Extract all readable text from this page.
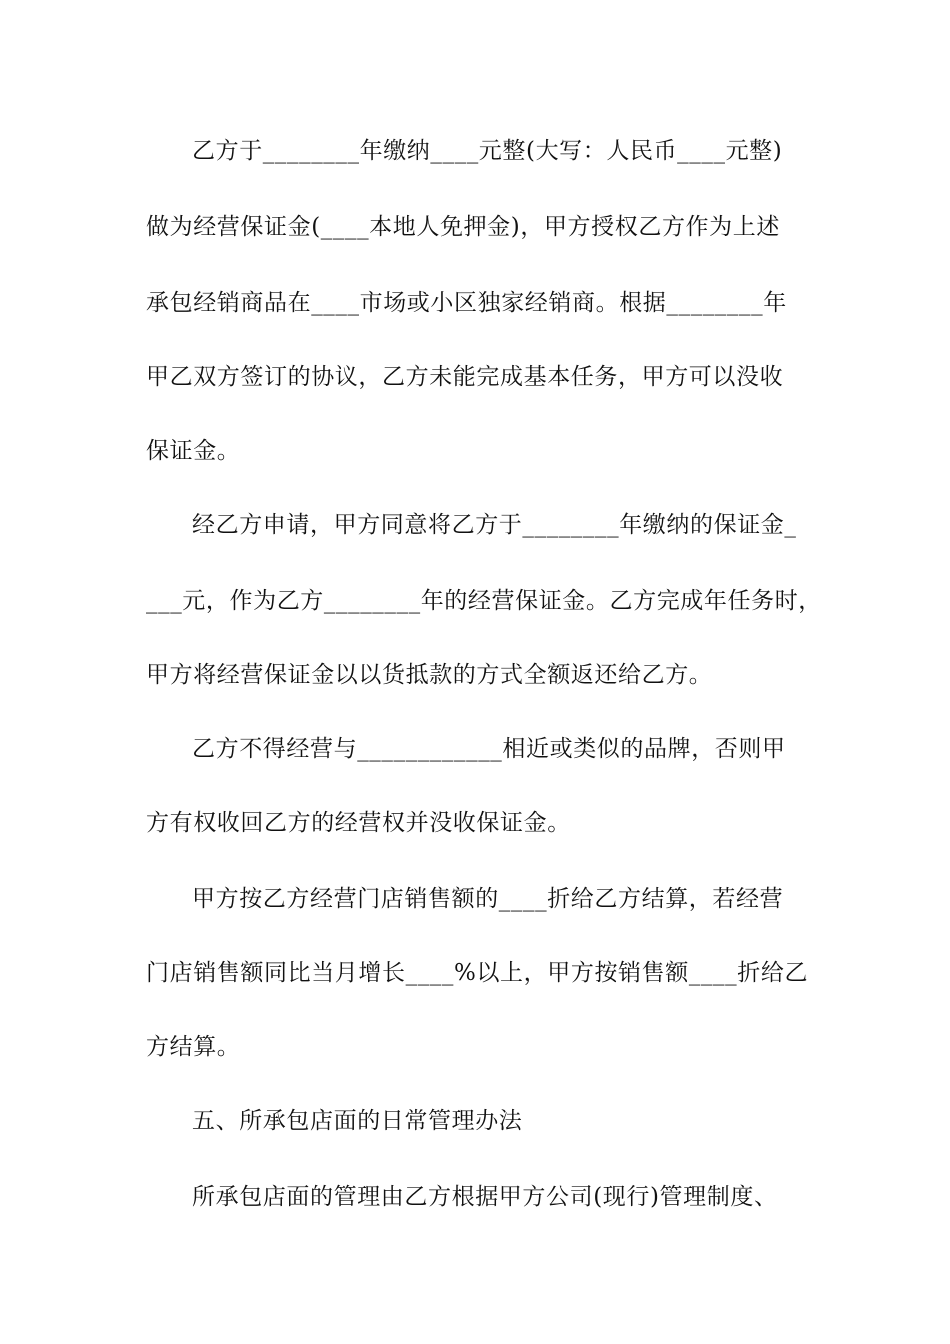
乙方于________年缴纳____元整(大写：人民币____元整)
做为经营保证金(____本地人免押金)，甲方授权乙方作为上述
承包经销商品在____市场或小区独家经销商。根据________年
甲乙双方签订的协议，乙方未能完成基本任务，甲方可以没收
保证金。
经乙方申请，甲方同意将乙方于________年缴纳的保证金_
___元，作为乙方________年的经营保证金。乙方完成年任务时，
甲方将经营保证金以以货抵款的方式全额返还给乙方。
乙方不得经营与____________相近或类似的品牌，否则甲
方有权收回乙方的经营权并没收保证金。
甲方按乙方经营门店销售额的____折给乙方结算，若经营
门店销售额同比当月增长____%以上，甲方按销售额____折给乙
方结算。
五、所承包店面的日常管理办法
所承包店面的管理由乙方根据甲方公司(现行)管理制度、
